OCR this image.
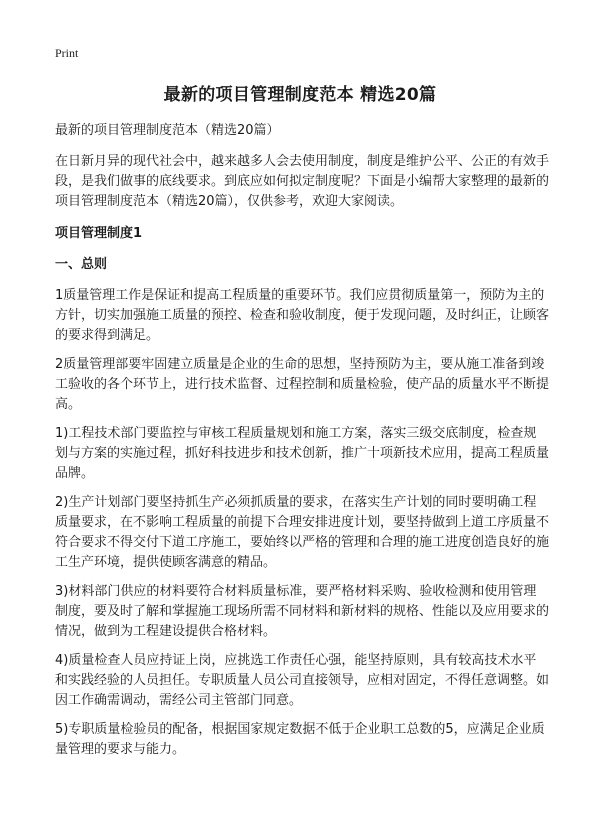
Print
最新的项目管理制度范本 精选20篇

最新的项目管理制度范本（精选20篇）

在日新月异的现代社会中，越来越多人会去使用制度，制度是维护公平、公正的有效手段，是我们做事的底线要求。到底应如何拟定制度呢？下面是小编帮大家整理的最新的项目管理制度范本（精选20篇），仅供参考，欢迎大家阅读。

项目管理制度1

一、总则

1质量管理工作是保证和提高工程质量的重要环节。我们应贯彻质量第一，预防为主的方针，切实加强施工质量的预控、检查和验收制度，便于发现问题，及时纠正，让顾客的要求得到满足。

2质量管理部要牢固建立质量是企业的生命的思想，坚持预防为主，要从施工准备到竣工验收的各个环节上，进行技术监督、过程控制和质量检验，使产品的质量水平不断提高。

1)工程技术部门要监控与审核工程质量规划和施工方案，落实三级交底制度，检查规划与方案的实施过程，抓好科技进步和技术创新，推广十项新技术应用，提高工程质量品牌。

2)生产计划部门要坚持抓生产必须抓质量的要求，在落实生产计划的同时要明确工程质量要求，在不影响工程质量的前提下合理安排进度计划，要坚持做到上道工序质量不符合要求不得交付下道工序施工，要始终以严格的管理和合理的施工进度创造良好的施工生产环境，提供使顾客满意的精品。

3)材料部门供应的材料要符合材料质量标准，要严格材料采购、验收检测和使用管理制度，要及时了解和掌握施工现场所需不同材料和新材料的规格、性能以及应用要求的情况，做到为工程建设提供合格材料。

4)质量检查人员应持证上岗，应挑选工作责任心强，能坚持原则，具有较高技术水平和实践经验的人员担任。专职质量人员公司直接领导，应相对固定，不得任意调整。如因工作确需调动，需经公司主管部门同意。

5)专职质量检验员的配备，根据国家规定数据不低于企业职工总数的5，应满足企业质量管理的要求与能力。
